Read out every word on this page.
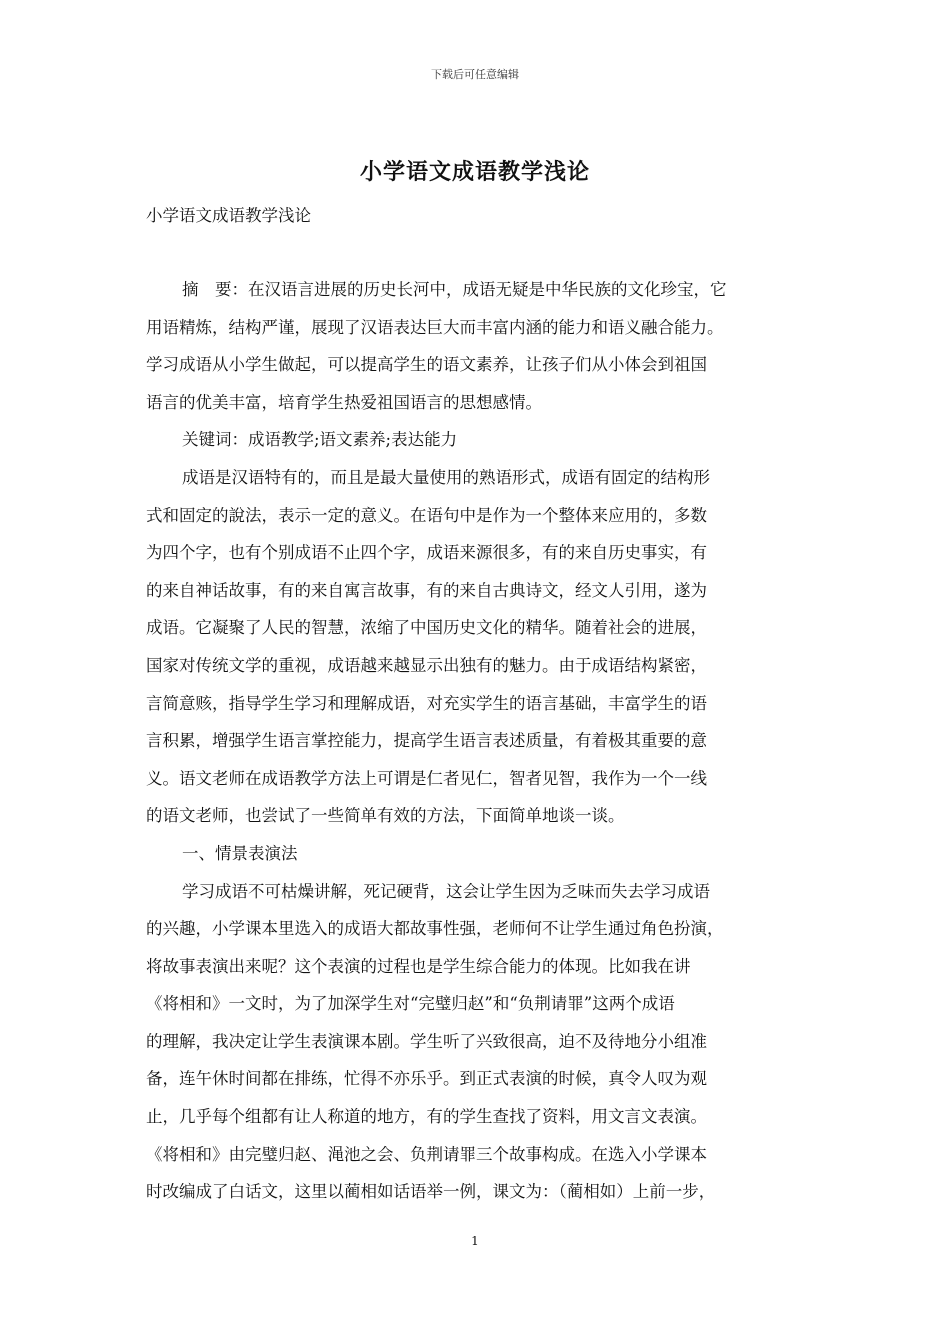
下载后可任意编辑
小学语文成语教学浅论
小学语文成语教学浅论
摘　要：在汉语言进展的历史长河中，成语无疑是中华民族的文化珍宝，它
用语精炼，结构严谨，展现了汉语表达巨大而丰富内涵的能力和语义融合能力。
学习成语从小学生做起，可以提高学生的语文素养，让孩子们从小体会到祖国
语言的优美丰富，培育学生热爱祖国语言的思想感情。
关键词：成语教学;语文素养;表达能力
成语是汉语特有的，而且是最大量使用的熟语形式，成语有固定的结构形
式和固定的說法，表示一定的意义。在语句中是作为一个整体来应用的，多数
为四个字，也有个别成语不止四个字，成语来源很多，有的来自历史事实，有
的来自神话故事，有的来自寓言故事，有的来自古典诗文，经文人引用，遂为
成语。它凝聚了人民的智慧，浓缩了中国历史文化的精华。随着社会的进展，
国家对传统文学的重视，成语越来越显示出独有的魅力。由于成语结构紧密，
言简意赅，指导学生学习和理解成语，对充实学生的语言基础，丰富学生的语
言积累，增强学生语言掌控能力，提高学生语言表述质量，有着极其重要的意
义。语文老师在成语教学方法上可谓是仁者见仁，智者见智，我作为一个一线
的语文老师，也尝试了一些简单有效的方法，下面简单地谈一谈。
一、情景表演法
学习成语不可枯燥讲解，死记硬背，这会让学生因为乏味而失去学习成语
的兴趣，小学课本里选入的成语大都故事性强，老师何不让学生通过角色扮演，
将故事表演出来呢？这个表演的过程也是学生综合能力的体现。比如我在讲
《将相和》一文时，为了加深学生对“完璧归赵”和“负荆请罪”这两个成语
的理解，我决定让学生表演课本剧。学生听了兴致很高，迫不及待地分小组准
备，连午休时间都在排练，忙得不亦乐乎。到正式表演的时候，真令人叹为观
止，几乎每个组都有让人称道的地方，有的学生查找了资料，用文言文表演。
《将相和》由完璧归赵、渑池之会、负荆请罪三个故事构成。在选入小学课本
时改编成了白话文，这里以蔺相如话语举一例，课文为：（蔺相如）上前一步，
1
